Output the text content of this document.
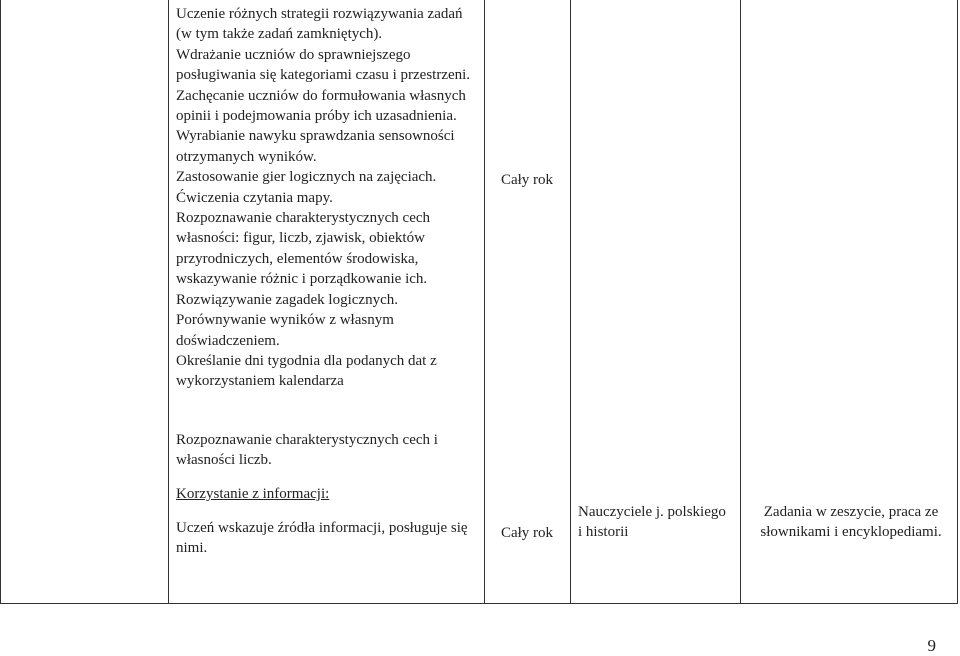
Uczenie różnych strategii rozwiązywania zadań (w tym także zadań zamkniętych).
Wdrażanie uczniów do sprawniejszego posługiwania się kategoriami czasu i przestrzeni.
Zachęcanie uczniów do formułowania własnych opinii i podejmowania próby ich uzasadnienia.
Wyrabianie nawyku sprawdzania sensowności otrzymanych wyników.
Zastosowanie gier logicznych na zajęciach.
Ćwiczenia czytania mapy.
Rozpoznawanie charakterystycznych cech własności: figur, liczb, zjawisk, obiektów przyrodniczych, elementów środowiska, wskazywanie różnic i porządkowanie ich.
Rozwiązywanie zagadek logicznych.
Porównywanie wyników z własnym doświadczeniem.
Określanie dni tygodnia dla podanych dat z wykorzystaniem kalendarza
Cały rok
Rozpoznawanie charakterystycznych cech i własności liczb.
Korzystanie z informacji:
Uczeń wskazuje źródła informacji, posługuje się nimi.
Cały rok
Nauczyciele j. polskiego i historii
Zadania w zeszycie, praca ze słownikami i encyklopediami.
9
